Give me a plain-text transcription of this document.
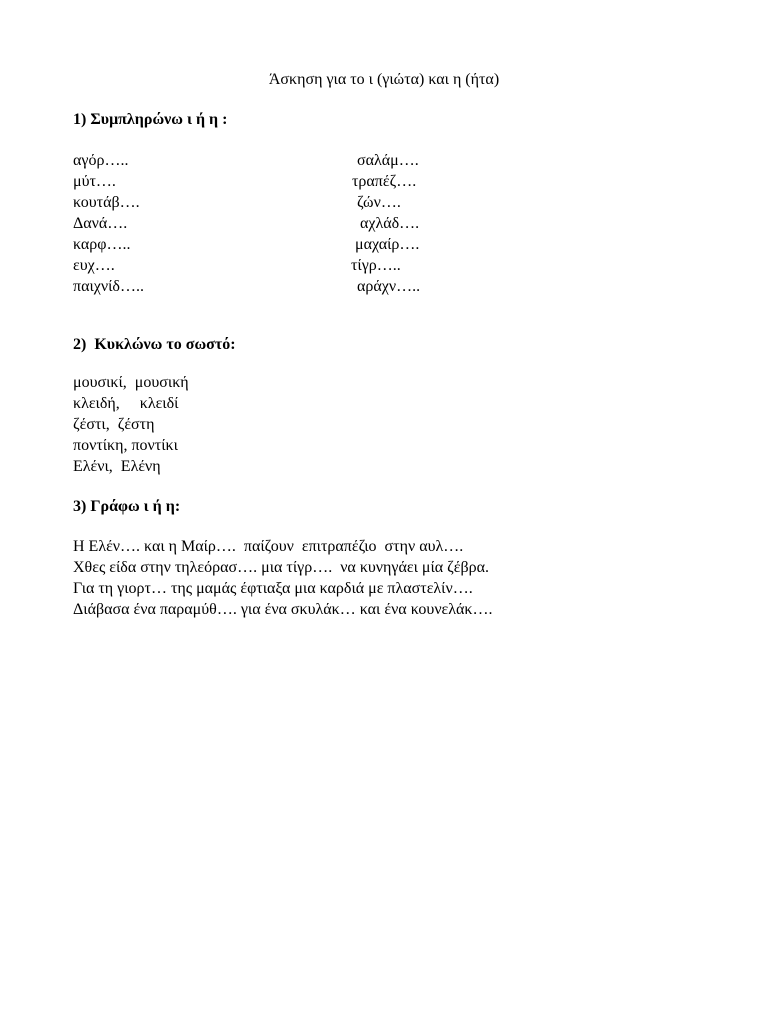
Άσκηση για το ι (γιώτα) και η (ήτα)
1) Συμπληρώνω ι ή η :
αγόρ…..
μύτ….
κουτάβ….
Δανά….
καρφ…..
ευχ….
παιχνίδ…..
σαλάμ….
τραπέζ….
ζών….
αχλάδ….
μαχαίρ….
τίγρ…..
αράχν…..
2)  Κυκλώνω το σωστό:
μουσικί,  μουσική
κλειδή,     κλειδί
ζέστι,  ζέστη
ποντίκη, ποντίκι
Ελένι,  Ελένη
3) Γράφω ι ή η:
Η Ελέν…. και η Μαίρ….  παίζουν  επιτραπέζιο  στην αυλ….
Χθες είδα στην τηλεόρασ…. μια τίγρ….  να κυνηγάει μία ζέβρα.
Για τη γιορτ… της μαμάς έφτιαξα μια καρδιά με πλαστελίν….
Διάβασα ένα παραμύθ…. για ένα σκυλάκ… και ένα κουνελάκ….
